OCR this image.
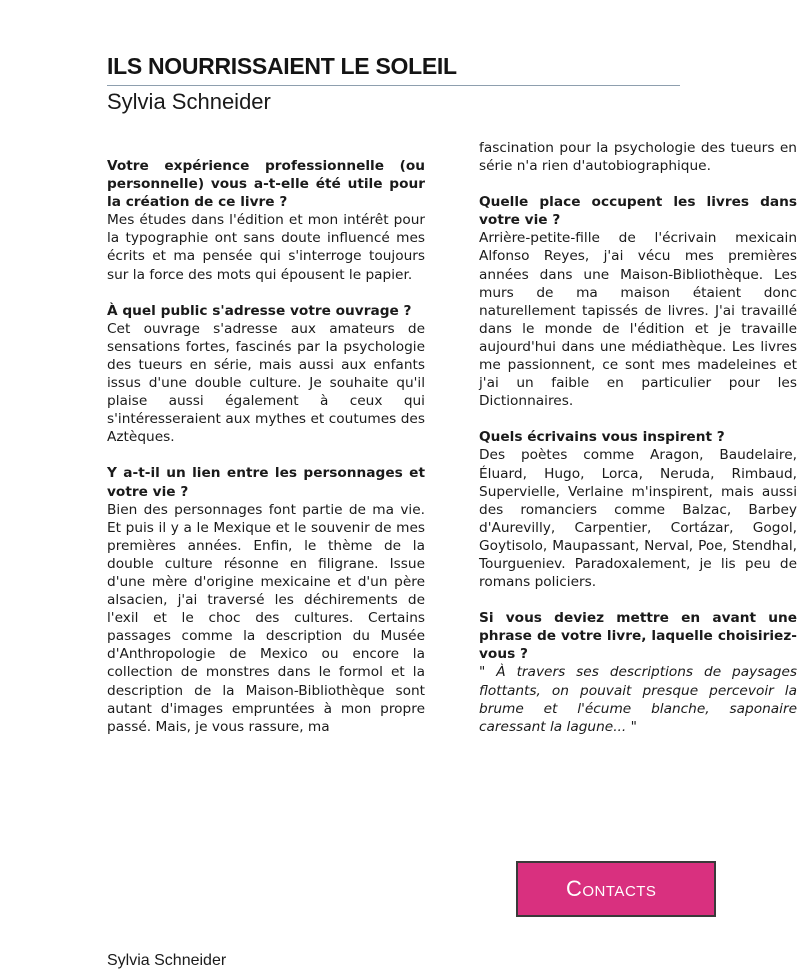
ILS NOURRISSAIENT LE SOLEIL
Sylvia Schneider

Votre expérience professionnelle (ou personnelle) vous a-t-elle été utile pour la création de ce livre ?

Mes études dans l'édition et mon intérêt pour la typographie ont sans doute influencé mes écrits et ma pensée qui s'interroge toujours sur la force des mots qui épousent le papier.

À quel public s'adresse votre ouvrage ?

Cet ouvrage s'adresse aux amateurs de sensations fortes, fascinés par la psychologie des tueurs en série, mais aussi aux enfants issus d'une double culture. Je souhaite qu'il plaise aussi également à ceux qui s'intéresseraient aux mythes et coutumes des Aztèques.

Y a-t-il un lien entre les personnages et votre vie ?

Bien des personnages font partie de ma vie. Et puis il y a le Mexique et le souvenir de mes premières années. Enfin, le thème de la double culture résonne en filigrane. Issue d'une mère d'origine mexicaine et d'un père alsacien, j'ai traversé les déchirements de l'exil et le choc des cultures. Certains passages comme la description du Musée d'Anthropologie de Mexico ou encore la collection de monstres dans le formol et la description de la Maison-Bibliothèque sont autant d'images empruntées à mon propre passé. Mais, je vous rassure, ma

fascination pour la psychologie des tueurs en série n'a rien d'autobiographique.

Quelle place occupent les livres dans votre vie ?

Arrière-petite-fille de l'écrivain mexicain Alfonso Reyes, j'ai vécu mes premières années dans une Maison-Bibliothèque. Les murs de ma maison étaient donc naturellement tapissés de livres. J'ai travaillé dans le monde de l'édition et je travaille aujourd'hui dans une médiathèque. Les livres me passionnent, ce sont mes madeleines et j'ai un faible en particulier pour les Dictionnaires.

Quels écrivains vous inspirent ?

Des poètes comme Aragon, Baudelaire, Éluard, Hugo, Lorca, Neruda, Rimbaud, Supervielle, Verlaine m'inspirent, mais aussi des romanciers comme Balzac, Barbey d'Aurevilly, Carpentier, Cortázar, Gogol, Goytisolo, Maupassant, Nerval, Poe, Stendhal, Tourgueniev. Paradoxalement, je lis peu de romans policiers.

Si vous deviez mettre en avant une phrase de votre livre, laquelle choisiriez-vous ?

" À travers ses descriptions de paysages flottants, on pouvait presque percevoir la brume et l'écume blanche, saponaire caressant la lagune... "

Contacts
Sylvia Schneider
